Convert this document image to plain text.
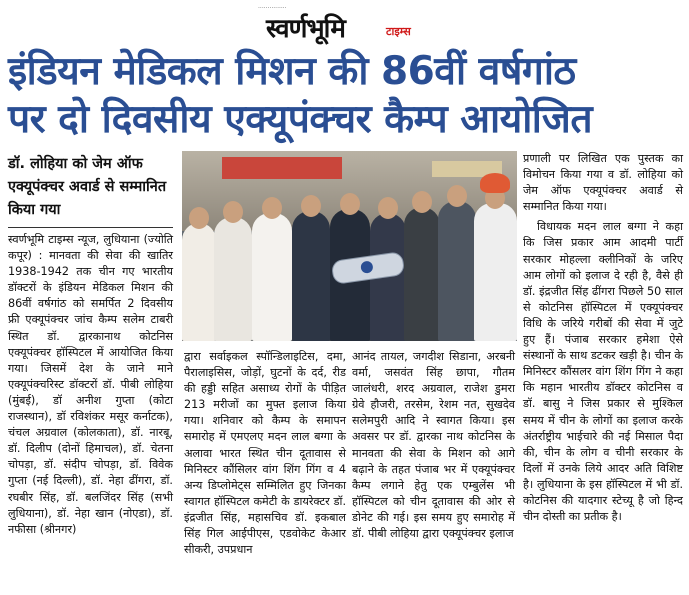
...............
स्वर्णभूमि	टाइम्स
इंडियन मेडिकल मिशन की 86वीं वर्षगांठ
पर दो दिवसीय एक्यूपंक्चर कैम्प आयोजित
डॉ. लोहिया को जेम ऑफ एक्यूपंक्चर अवार्ड से सम्मानित किया गया

स्वर्णभूमि टाइम्स न्यूज, लुधियाना (ज्योति कपूर) : मानवता की सेवा की खातिर 1938-1942 तक चीन गए भारतीय डॉक्टरों के इंडियन मेडिकल मिशन की 86वीं वर्षगांठ को समर्पित 2 दिवसीय फ्री एक्यूपंक्चर जांच कैम्प सलेम टाबरी स्थित डॉ. द्वारकानाथ कोटनिस एक्यूपंक्चर हॉस्पिटल में आयोजित किया गया। जिसमें देश के जाने माने एक्यूपंक्चरिस्ट डॉक्टरों डॉ. पीबी लोहिया (मुंबई), डॉ अनीश गुप्ता (कोटा राजस्थान), डॉ रविशंकर मसूर कर्नाटक), चंचल अग्रवाल (कोलकाता), डॉ. नारबू, डॉ. दिलीप (दोनों हिमाचल), डॉ. चेतना चोपड़ा, डॉ. संदीप चोपड़ा, डॉ. विवेक गुप्ता (नई दिल्ली), डॉ. नेहा ढींगरा, डॉ. रघबीर सिंह, डॉ. बलजिंदर सिंह (सभी लुधियाना), डॉ. नेहा खान (नोएडा), डॉ. नफीसा (श्रीनगर)

द्वारा सर्वाइकल स्पॉन्डिलाइटिस, दमा, पैरालाइसिस, जोड़ों, घुटनों के दर्द, रीड की हड्डी सहित असाध्य रोगों के पीड़ित 213 मरीजों का मुफ्त इलाज किया गया। शनिवार को कैम्प के समापन समारोह में एमएलए मदन लाल बग्गा के अलावा भारत स्थित चीन दूतावास से मिनिस्टर कौंसिलर वांग शिंग गिंग व 4 अन्य डिप्लोमेट्स सम्मिलित हुए जिनका स्वागत हॉस्पिटल कमेटी के डायरेक्टर डॉ. इंद्रजीत सिंह, महासचिव डॉ. इकबाल सिंह गिल आईपीएस, एडवोकेट केआर सीकरी, उपप्रधान

आनंद तायल, जगदीश सिडाना, अरबनी वर्मा, जसवंत सिंह छापा, गौतम जालंधरी, शरद अग्रवाल, राजेश डुमरा ग्रेवे हौजरी, तरसेम, रेशम नत, सुखदेव सलेमपुरी आदि ने स्वागत किया। इस अवसर पर डॉ. द्वारका नाथ कोटनिस के मानवता की सेवा के मिशन को आगे बढ़ाने के तहत पंजाब भर में एक्यूपंक्चर कैम्प लगाने हेतु एक एम्बुलेंस भी हॉस्पिटल को चीन दूतावास की ओर से डोनेट की गई। इस समय हुए समारोह में डॉ. पीबी लोहिया द्वारा एक्यूपंक्चर इलाज

प्रणाली पर लिखित एक पुस्तक का विमोचन किया गया व डॉ. लोहिया को जेम ऑफ एक्यूपंक्चर अवार्ड से सम्मानित किया गया।

विधायक मदन लाल बग्गा ने कहा कि जिस प्रकार आम आदमी पार्टी सरकार मोहल्ला क्लीनिकों के जरिए आम लोगों को इलाज दे रही है, वैसे ही डॉ. इंद्रजीत सिंह ढींगरा पिछले 50 साल से कोटनिस हॉस्पिटल में एक्यूपंक्चर विधि के जरिये गरीबों की सेवा में जुटे हुए हैं। पंजाब सरकार हमेशा ऐसे संस्थानों के साथ डटकर खड़ी है। चीन के मिनिस्टर कौंसलर वांग शिंग गिंग ने कहा कि महान भारतीय डॉक्टर कोटनिस व डॉ. बासु ने जिस प्रकार से मुश्किल समय में चीन के लोगों का इलाज करके अंतर्राष्ट्रीय भाईचारे की नई मिसाल पैदा की, चीन के लोग व चीनी सरकार के दिलों में उनके लिये आदर अति विशिष्ट है। लुधियाना के इस हॉस्पिटल में भी डॉ. कोटनिस की यादगार स्टेच्यू है जो हिन्द चीन दोस्ती का प्रतीक है।
